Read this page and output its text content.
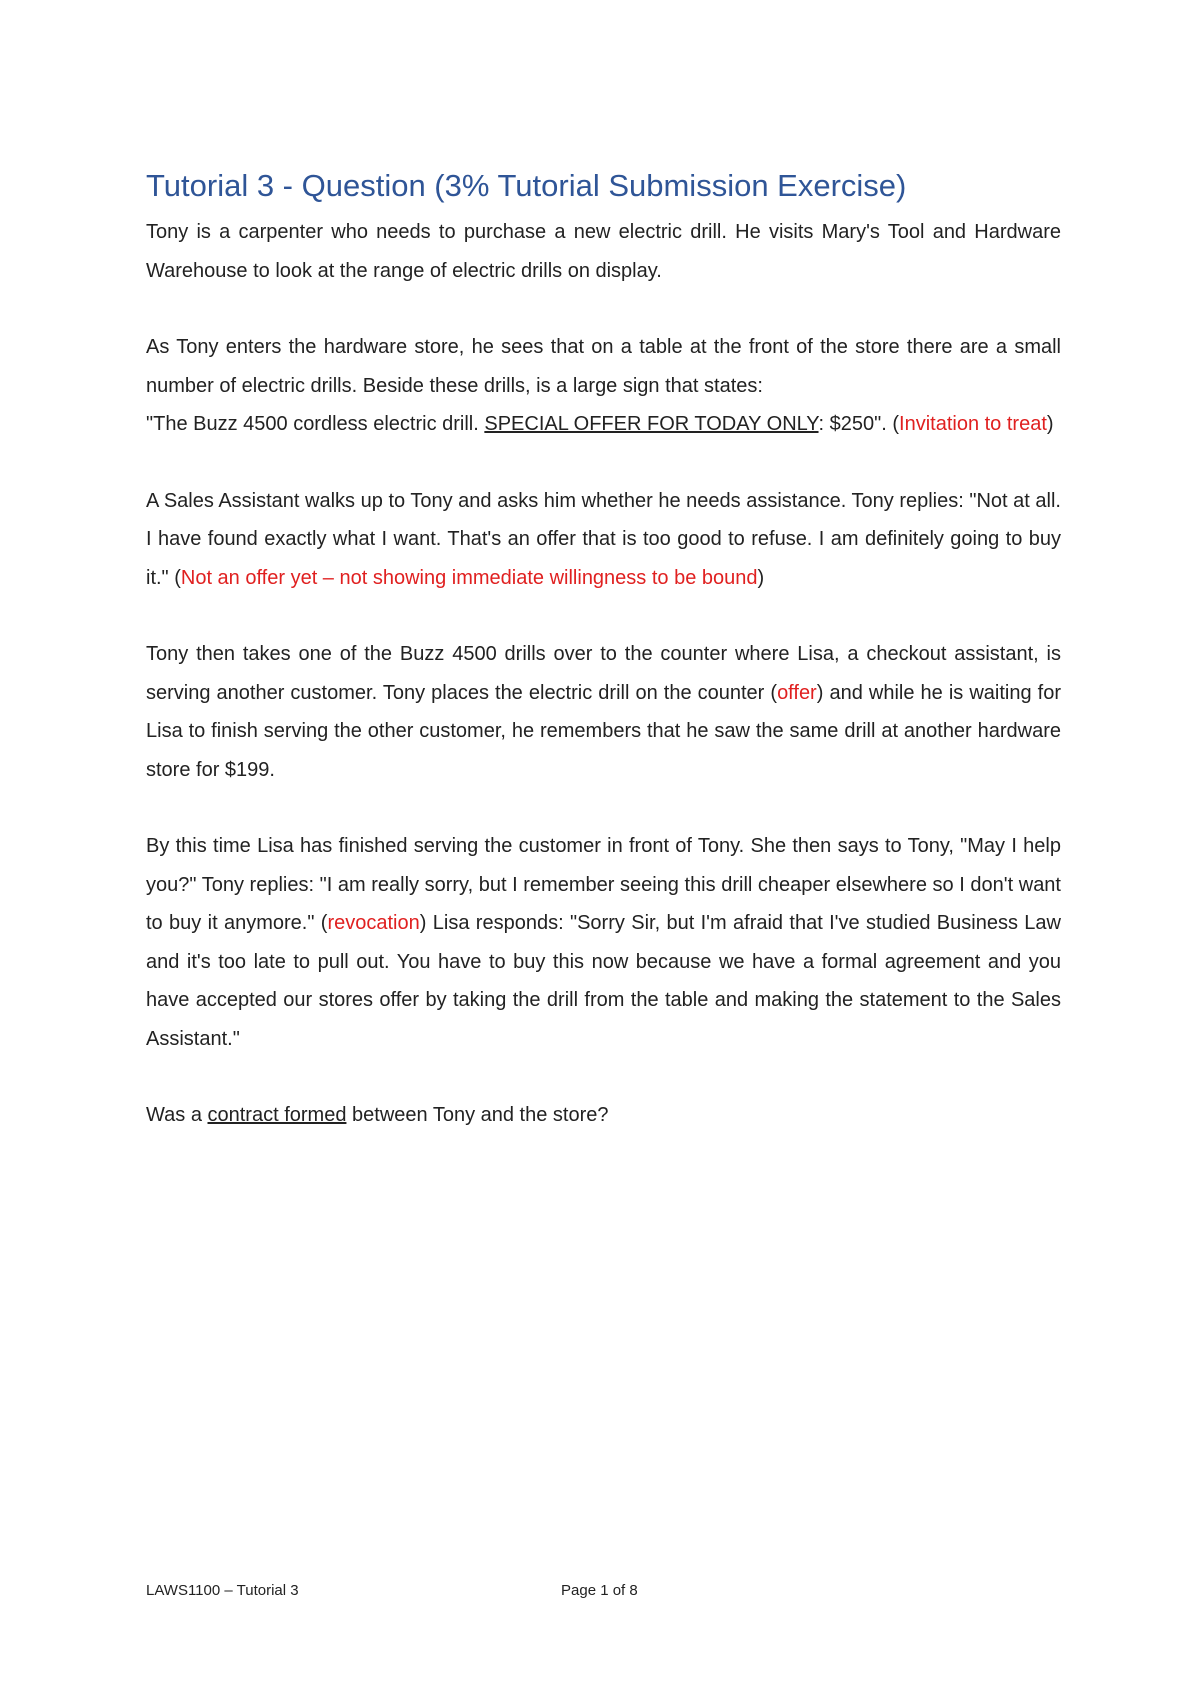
Tutorial 3 - Question (3% Tutorial Submission Exercise)

Tony is a carpenter who needs to purchase a new electric drill. He visits Mary's Tool and Hardware Warehouse to look at the range of electric drills on display.

As Tony enters the hardware store, he sees that on a table at the front of the store there are a small number of electric drills. Beside these drills, is a large sign that states:
"The Buzz 4500 cordless electric drill. SPECIAL OFFER FOR TODAY ONLY: $250". (Invitation to treat)

A Sales Assistant walks up to Tony and asks him whether he needs assistance. Tony replies: "Not at all. I have found exactly what I want. That's an offer that is too good to refuse. I am definitely going to buy it." (Not an offer yet – not showing immediate willingness to be bound)

Tony then takes one of the Buzz 4500 drills over to the counter where Lisa, a checkout assistant, is serving another customer. Tony places the electric drill on the counter (offer) and while he is waiting for Lisa to finish serving the other customer, he remembers that he saw the same drill at another hardware store for $199.

By this time Lisa has finished serving the customer in front of Tony. She then says to Tony, "May I help you?" Tony replies: "I am really sorry, but I remember seeing this drill cheaper elsewhere so I don't want to buy it anymore." (revocation) Lisa responds: "Sorry Sir, but I'm afraid that I've studied Business Law and it's too late to pull out. You have to buy this now because we have a formal agreement and you have accepted our stores offer by taking the drill from the table and making the statement to the Sales Assistant."

Was a contract formed between Tony and the store?

LAWS1100 – Tutorial 3	Page 1 of 8
